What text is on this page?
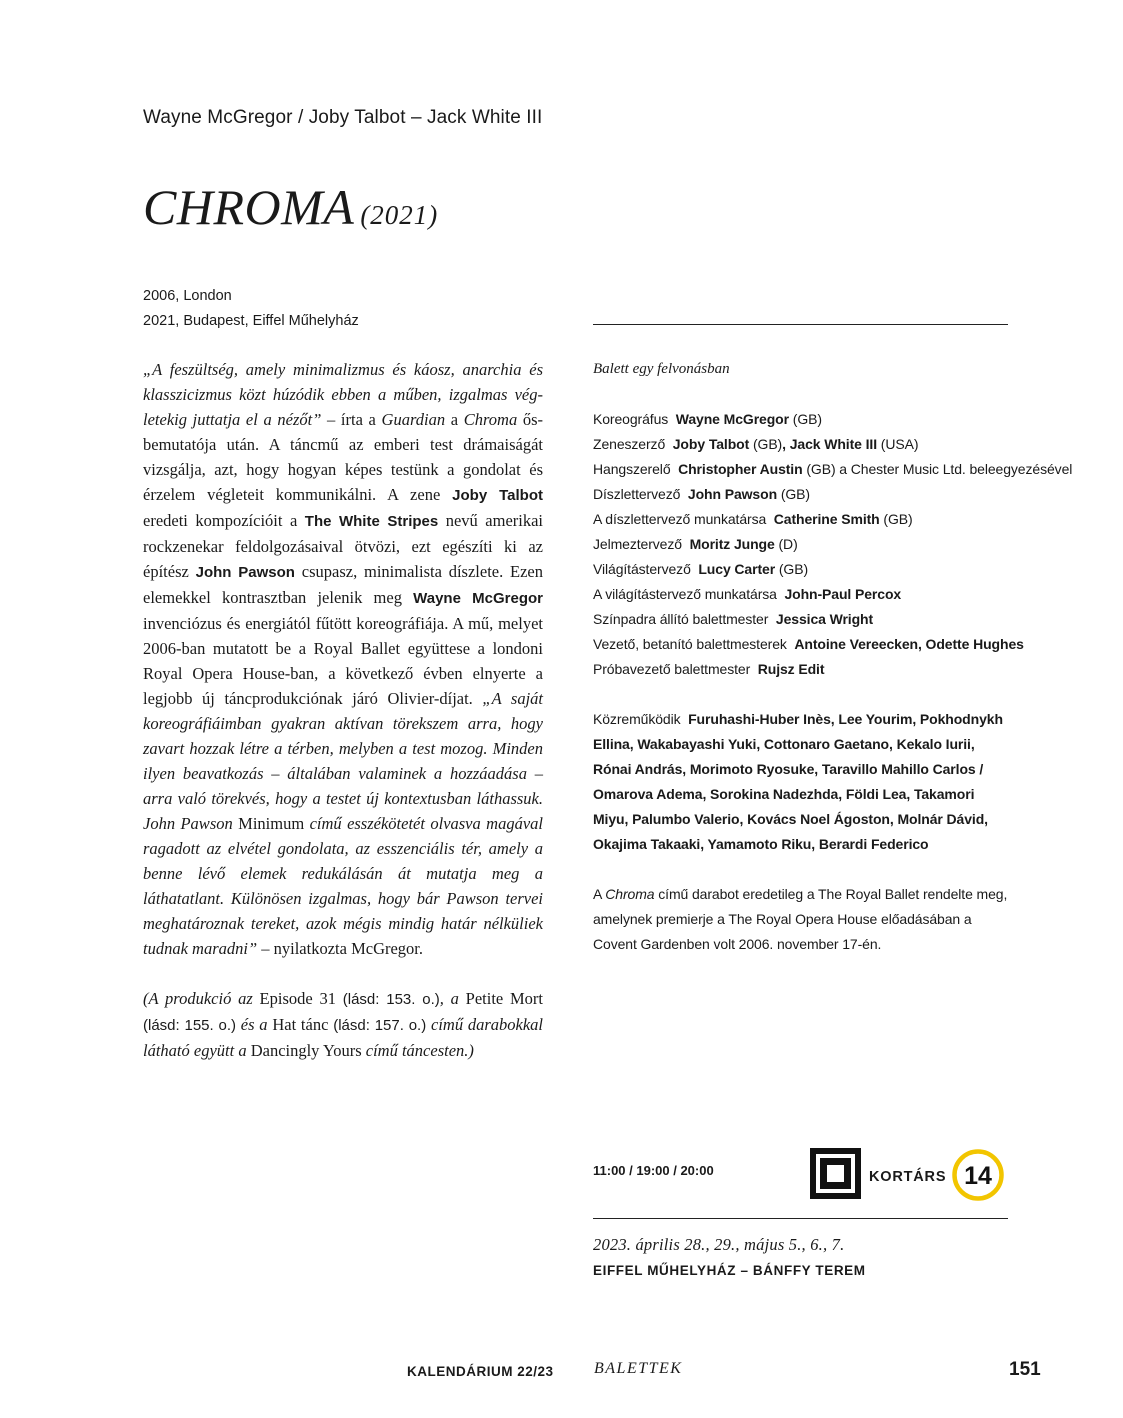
Wayne McGregor / Joby Talbot – Jack White III
CHROMA (2021)
2006, London
2021, Budapest, Eiffel Műhelyház

„A feszültség, amely minimalizmus és káosz, anarchia és klasszicizmus közt húzódik ebben a műben, izgalmas végletekig juttatja el a nézőt” – írta a Guardian a Chroma ősbemutatója után. A táncmű az emberi test drámaiságát vizsgálja, azt, hogy hogyan képes testünk a gondolat és érzelem végleteit kommunikálni. A zene Joby Talbot eredeti kompozícióit a The White Stripes nevű amerikai rockzenekar feldolgozásaival ötvözi, ezt egészíti ki az építész John Pawson csupasz, minimalista díszlete. Ezen elemekkel kontrasztban jelenik meg Wayne McGregor invenciózus és energiától fűtött koreográfiája. A mű, melyet 2006-ban mutatott be a Royal Ballet együttese a londoni Royal Opera House-ban, a következő évben elnyerte a legjobb új táncprodukciónak járó Olivier-díjat. „A saját koreográfiáimban gyakran aktívan törekszem arra, hogy zavart hozzak létre a térben, melyben a test mozog. Minden ilyen beavatkozás – általában valaminek a hozzáadása – arra való törekvés, hogy a testet új kontextusban láthassuk. John Pawson Minimum című esszékötetét olvasva magával ragadott az elvétel gondolata, az esszenciális tér, amely a benne lévő elemek redukálásán át mutatja meg a láthatatlant. Különösen izgalmas, hogy bár Pawson tervei meghatároznak tereket, azok mégis mindig határ nélküliek tudnak maradni” – nyilatkozta McGregor.

(A produkció az Episode 31 (lásd: 153. o.), a Petite Mort (lásd: 155. o.) és a Hat tánc (lásd: 157. o.) című darabokkal látható együtt a Dancingly Yours című táncesten.)

Balett egy felvonásban
Koreográfus Wayne McGregor (GB)
Zeneszerző Joby Talbot (GB), Jack White III (USA)
Hangszerelő Christopher Austin (GB) a Chester Music Ltd. beleegyezésével
Díszlettervező John Pawson (GB)
A díszlettervező munkatársa Catherine Smith (GB)
Jelmeztervező Moritz Junge (D)
Világítástervező Lucy Carter (GB)
A világítástervező munkatársa John-Paul Percox
Színpadra állító balettmester Jessica Wright
Vezető, betanító balettmesterek Antoine Vereecken, Odette Hughes
Próbavezető balettmester Rujsz Edit
Közreműködik Furuhashi-Huber Inès, Lee Yourim, Pokhodnykh Ellina, Wakabayashi Yuki, Cottonaro Gaetano, Kekalo Iurii, Rónai András, Morimoto Ryosuke, Taravillo Mahillo Carlos / Omarova Adema, Sorokina Nadezhda, Földi Lea, Takamori Miyu, Palumbo Valerio, Kovács Noel Ágoston, Molnár Dávid, Okajima Takaaki, Yamamoto Riku, Berardi Federico
A Chroma című darabot eredetileg a The Royal Ballet rendelte meg, amelynek premierje a The Royal Opera House előadásában a Covent Gardenben volt 2006. november 17-én.
11:00 / 19:00 / 20:00	KORTÁRS 14
2023. április 28., 29., május 5., 6., 7.
EIFFEL MŰHELYHÁZ – BÁNFFY TEREM
KALENDÁRIUM 22/23	BALETTEK	151
